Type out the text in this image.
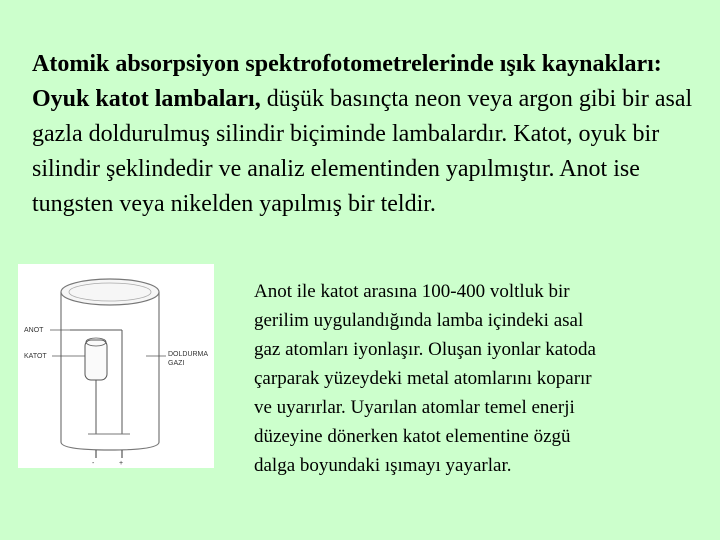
Atomik absorpsiyon spektrofotometrelerinde ışık kaynakları: Oyuk katot lambaları, düşük basınçta neon veya argon gibi bir asal gazla doldurulmuş silindir biçiminde lambalardır. Katot, oyuk bir silindir şeklindedir ve analiz elementinden yapılmıştır. Anot ise tungsten veya nikelden yapılmış bir teldir.

ANOT
KATOT	DOLDURMA
GAZI
-	+
Anot ile katot arasına 100-400 voltluk bir
gerilim uygulandığında lamba içindeki asal
gaz atomları iyonlaşır. Oluşan iyonlar katoda
çarparak yüzeydeki metal atomlarını koparır
ve uyarırlar. Uyarılan atomlar temel enerji
düzeyine dönerken katot elementine özgü
dalga boyundaki ışımayı yayarlar.
